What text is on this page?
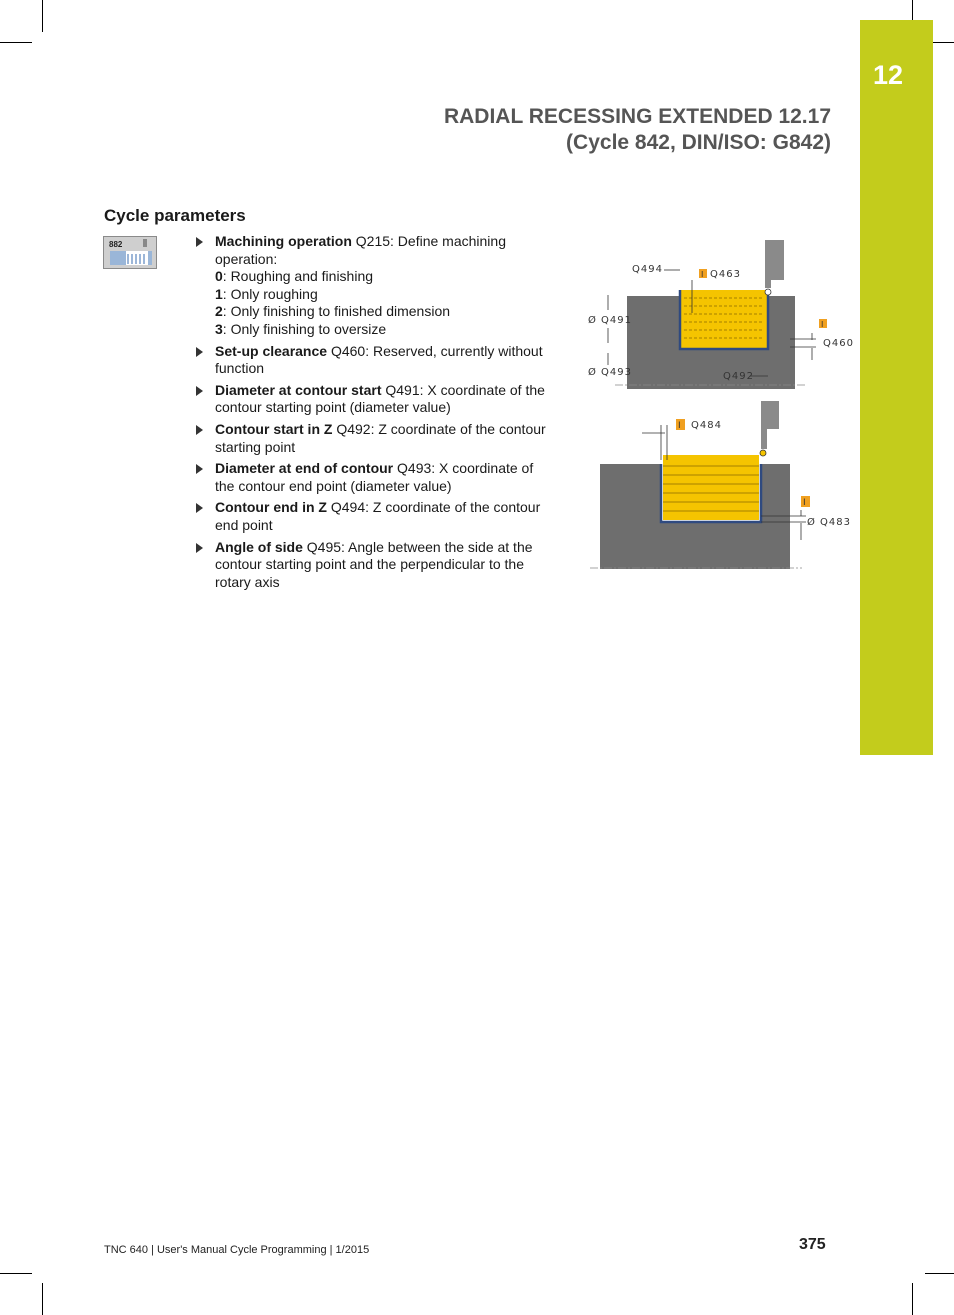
12
RADIAL RECESSING EXTENDED 12.17
(Cycle 842, DIN/ISO: G842)
Cycle parameters
882	Machining operation Q215: Define machining operation:
0: Roughing and finishing
1: Only roughing
2: Only finishing to finished dimension
3: Only finishing to oversize
Set-up clearance Q460: Reserved, currently without function
Diameter at contour start Q491: X coordinate of the contour starting point (diameter value)
Contour start in Z Q492: Z coordinate of the contour starting point
Diameter at end of contour Q493: X coordinate of the contour end point (diameter value)
Contour end in Z Q494: Z coordinate of the contour end point
Angle of side Q495: Angle between the side at the contour starting point and the perpendicular to the rotary axis
I
I
Q494	Q463
Ø Q491
Ø Q493	Q492
Q460
I
I
Q484
Ø Q483
TNC 640 | User's Manual Cycle Programming | 1/2015	375
